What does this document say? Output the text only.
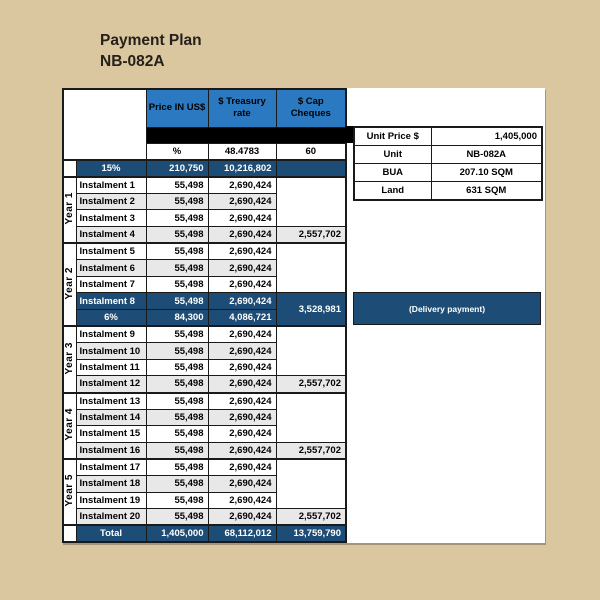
Payment Plan
NB-082A
		Price IN US$	$ Treasury rate	$ Cap Cheques

		%	48.4783	60
	15%	210,750	10,216,802	
Year 1	Instalment 1	55,498	2,690,424	
	Instalment 2	55,498	2,690,424	
	Instalment 3	55,498	2,690,424	
	Instalment 4	55,498	2,690,424	2,557,702
Year 2	Instalment 5	55,498	2,690,424	
	Instalment 6	55,498	2,690,424	
	Instalment 7	55,498	2,690,424	
	Instalment 8	55,498	2,690,424	3,528,981
	6%	84,300	4,086,721	
Year 3	Instalment 9	55,498	2,690,424	
	Instalment 10	55,498	2,690,424	
	Instalment 11	55,498	2,690,424	
	Instalment 12	55,498	2,690,424	2,557,702
Year 4	Instalment 13	55,498	2,690,424	
	Instalment 14	55,498	2,690,424	
	Instalment 15	55,498	2,690,424	
	Instalment 16	55,498	2,690,424	2,557,702
Year 5	Instalment 17	55,498	2,690,424	
	Instalment 18	55,498	2,690,424	
	Instalment 19	55,498	2,690,424	
	Instalment 20	55,498	2,690,424	2,557,702
	Total	1,405,000	68,112,012	13,759,790
Unit Price $	1,405,000
Unit	NB-082A
BUA	207.10 SQM
Land	631 SQM
(Delivery payment)
